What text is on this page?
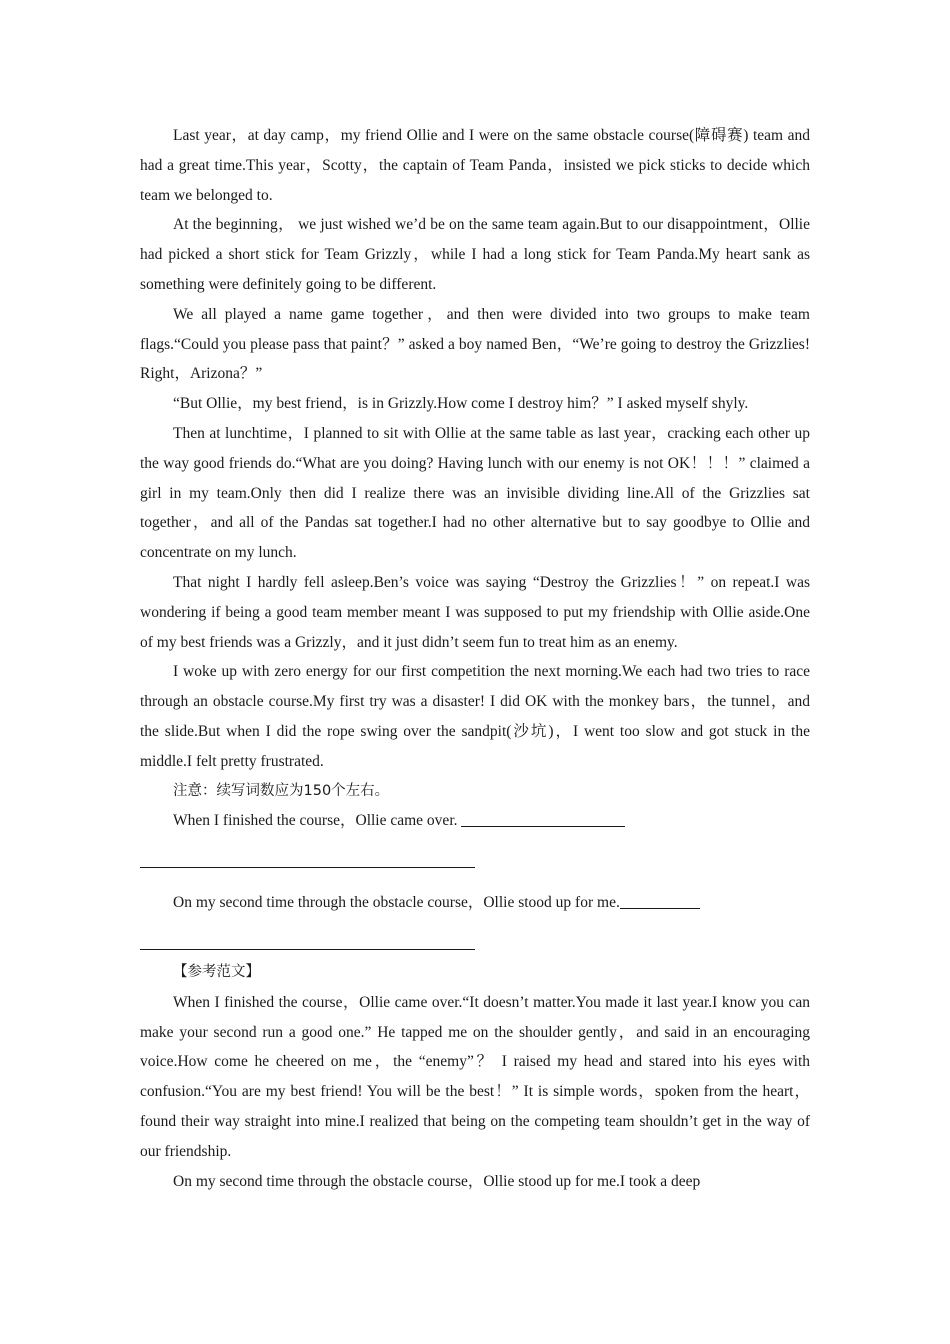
Last year，at day camp，my friend Ollie and I were on the same obstacle course(障碍赛) team and had a great time.This year，Scotty，the captain of Team Panda，insisted we pick sticks to decide which team we belonged to.

At the beginning， we just wished we’d be on the same team again.But to our disappointment，Ollie had picked a short stick for Team Grizzly，while I had a long stick for Team Panda.My heart sank as something were definitely going to be different.

We all played a name game together，and then were divided into two groups to make team flags.“Could you please pass that paint？” asked a boy named Ben，“We’re going to destroy the Grizzlies! Right，Arizona？”

“But Ollie，my best friend，is in Grizzly.How come I destroy him？” I asked myself shyly.

Then at lunchtime，I planned to sit with Ollie at the same table as last year，cracking each other up the way good friends do.“What are you doing? Having lunch with our enemy is not OK！！！” claimed a girl in my team.Only then did I realize there was an invisible dividing line.All of the Grizzlies sat together，and all of the Pandas sat together.I had no other alternative but to say goodbye to Ollie and concentrate on my lunch.

That night I hardly fell asleep.Ben’s voice was saying “Destroy the Grizzlies！” on repeat.I was wondering if being a good team member meant I was supposed to put my friendship with Ollie aside.One of my best friends was a Grizzly，and it just didn’t seem fun to treat him as an enemy.

I woke up with zero energy for our first competition the next morning.We each had two tries to race through an obstacle course.My first try was a disaster! I did OK with the monkey bars，the tunnel，and the slide.But when I did the rope swing over the sandpit(沙坑)，I went too slow and got stuck in the middle.I felt pretty frustrated.

注意：续写词数应为150个左右。

When I finished the course，Ollie came over.

On my second time through the obstacle course，Ollie stood up for me.

【参考范文】

When I finished the course，Ollie came over.“It doesn’t matter.You made it last year.I know you can make your second run a good one.” He tapped me on the shoulder gently，and said in an encouraging voice.How come he cheered on me，the “enemy”？ I raised my head and stared into his eyes with confusion.“You are my best friend! You will be the best！” It is simple words，spoken from the heart，found their way straight into mine.I realized that being on the competing team shouldn’t get in the way of our friendship.

On my second time through the obstacle course，Ollie stood up for me.I took a deep
